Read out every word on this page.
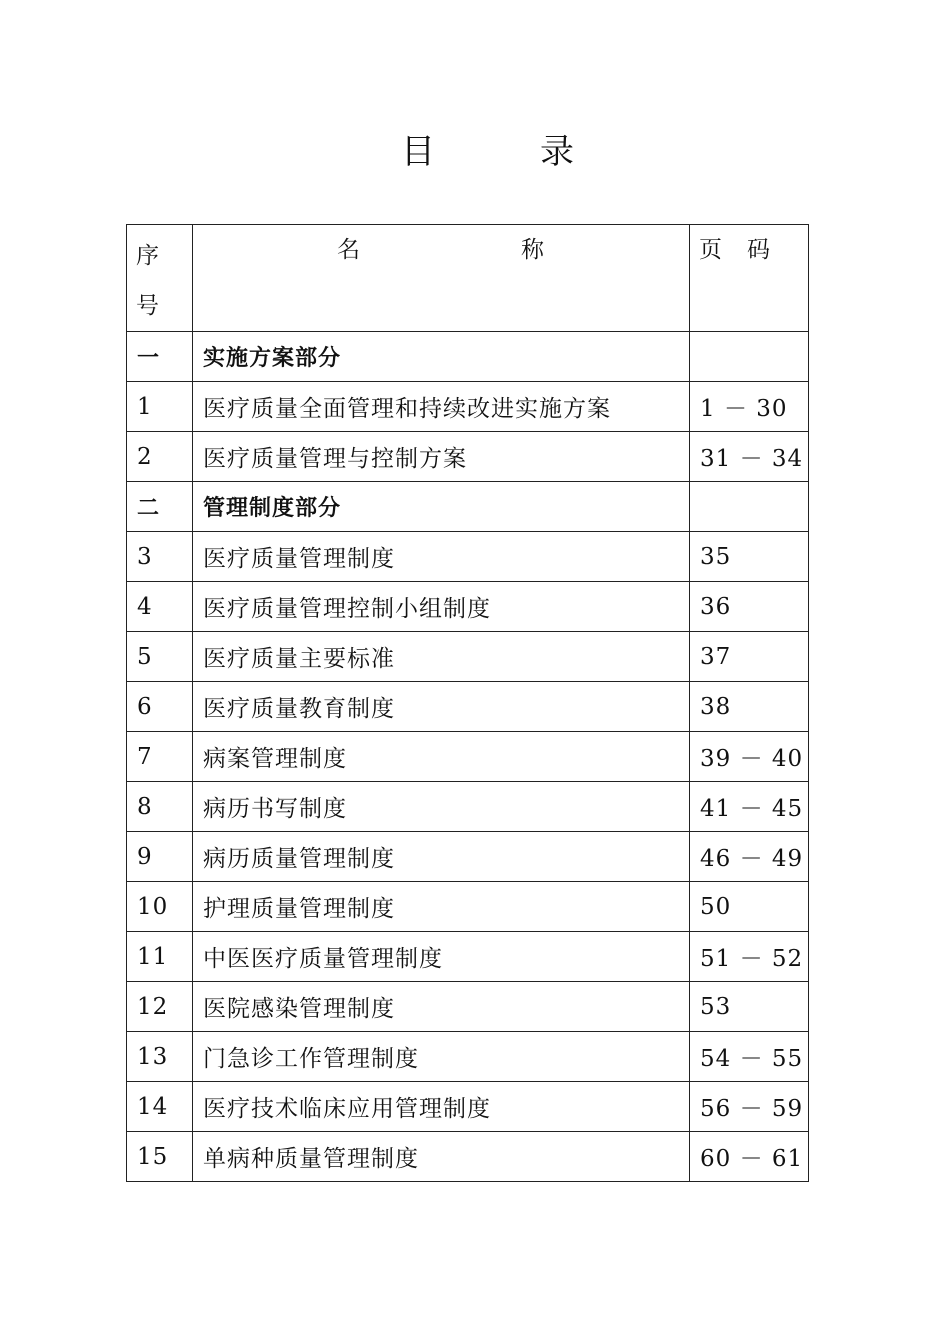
目	录
序号	名 称	页　码

一	实施方案部分	
1	医疗质量全面管理和持续改进实施方案	1 － 30
2	医疗质量管理与控制方案	31 － 34
二	管理制度部分	
3	医疗质量管理制度	35
4	医疗质量管理控制小组制度	36
5	医疗质量主要标准	37
6	医疗质量教育制度	38
7	病案管理制度	39 － 40
8	病历书写制度	41 － 45
9	病历质量管理制度	46 － 49
10	护理质量管理制度	50
11	中医医疗质量管理制度	51 － 52
12	医院感染管理制度	53
13	门急诊工作管理制度	54 － 55
14	医疗技术临床应用管理制度	56 － 59
15	单病种质量管理制度	60 － 61
